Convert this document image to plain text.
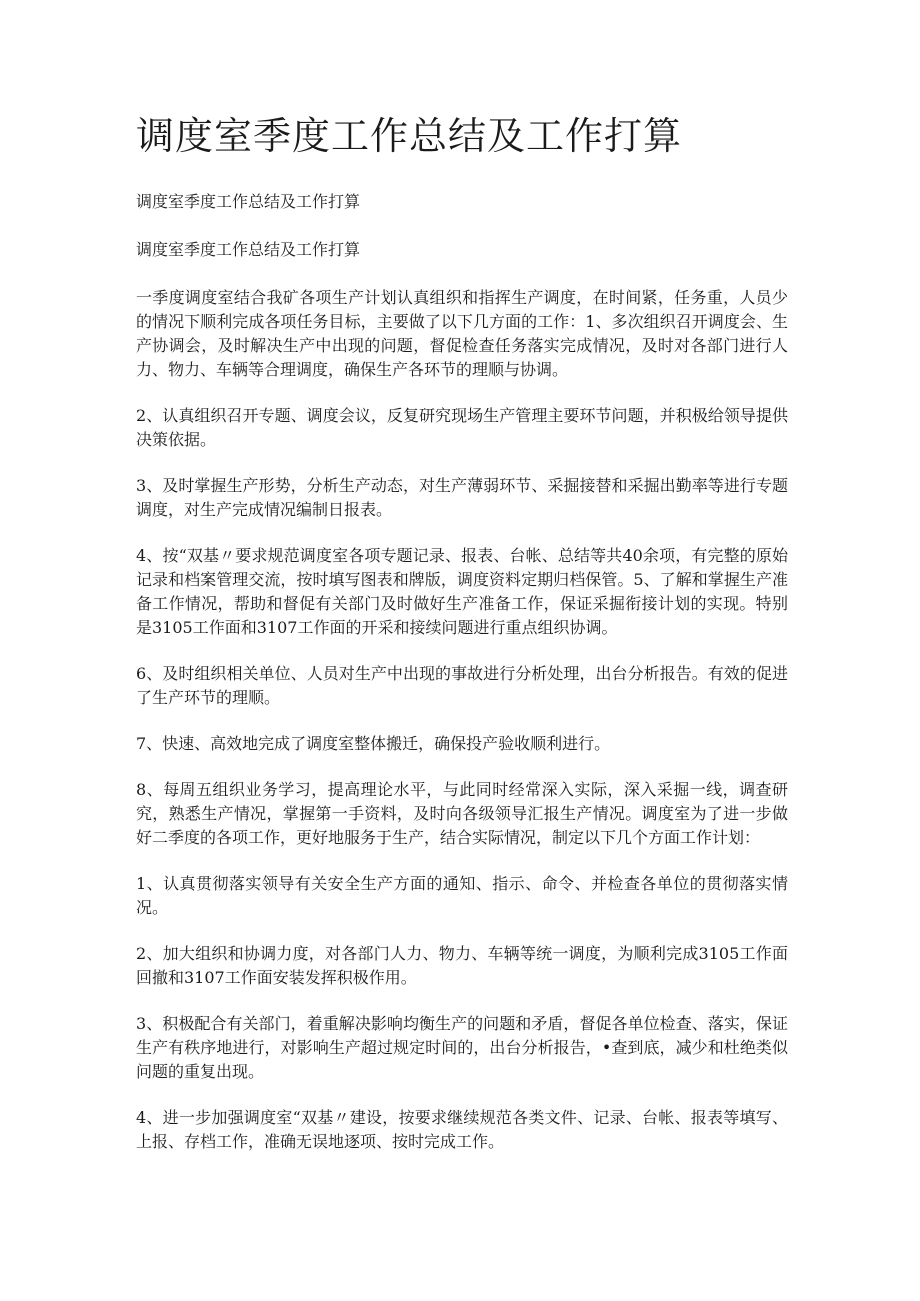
调度室季度工作总结及工作打算

调度室季度工作总结及工作打算

调度室季度工作总结及工作打算

一季度调度室结合我矿各项生产计划认真组织和指挥生产调度，在时间紧，任务重，人员少的情况下顺利完成各项任务目标，主要做了以下几方面的工作：1、多次组织召开调度会、生产协调会，及时解决生产中出现的问题，督促检查任务落实完成情况，及时对各部门进行人力、物力、车辆等合理调度，确保生产各环节的理顺与协调。

2、认真组织召开专题、调度会议，反复研究现场生产管理主要环节问题，并积极给领导提供决策依据。

3、及时掌握生产形势，分析生产动态，对生产薄弱环节、采掘接替和采掘出勤率等进行专题调度，对生产完成情况编制日报表。

4、按“双基〃要求规范调度室各项专题记录、报表、台帐、总结等共40余项，有完整的原始记录和档案管理交流，按时填写图表和牌版，调度资料定期归档保管。5、了解和掌握生产准备工作情况，帮助和督促有关部门及时做好生产准备工作，保证采掘衔接计划的实现。特别是3105工作面和3107工作面的开采和接续问题进行重点组织协调。

6、及时组织相关单位、人员对生产中出现的事故进行分析处理，出台分析报告。有效的促进了生产环节的理顺。

7、快速、高效地完成了调度室整体搬迁，确保投产验收顺利进行。

8、每周五组织业务学习，提高理论水平，与此同时经常深入实际，深入采掘一线，调查研究，熟悉生产情况，掌握第一手资料，及时向各级领导汇报生产情况。调度室为了进一步做好二季度的各项工作，更好地服务于生产，结合实际情况，制定以下几个方面工作计划：

1、认真贯彻落实领导有关安全生产方面的通知、指示、命令、并检查各单位的贯彻落实情况。

2、加大组织和协调力度，对各部门人力、物力、车辆等统一调度，为顺利完成3105工作面回撤和3107工作面安装发挥积极作用。

3、积极配合有关部门，着重解决影响均衡生产的问题和矛盾，督促各单位检查、落实，保证生产有秩序地进行，对影响生产超过规定时间的，出台分析报告，•查到底，减少和杜绝类似问题的重复出现。

4、进一步加强调度室“双基〃建设，按要求继续规范各类文件、记录、台帐、报表等填写、上报、存档工作，准确无误地逐项、按时完成工作。
